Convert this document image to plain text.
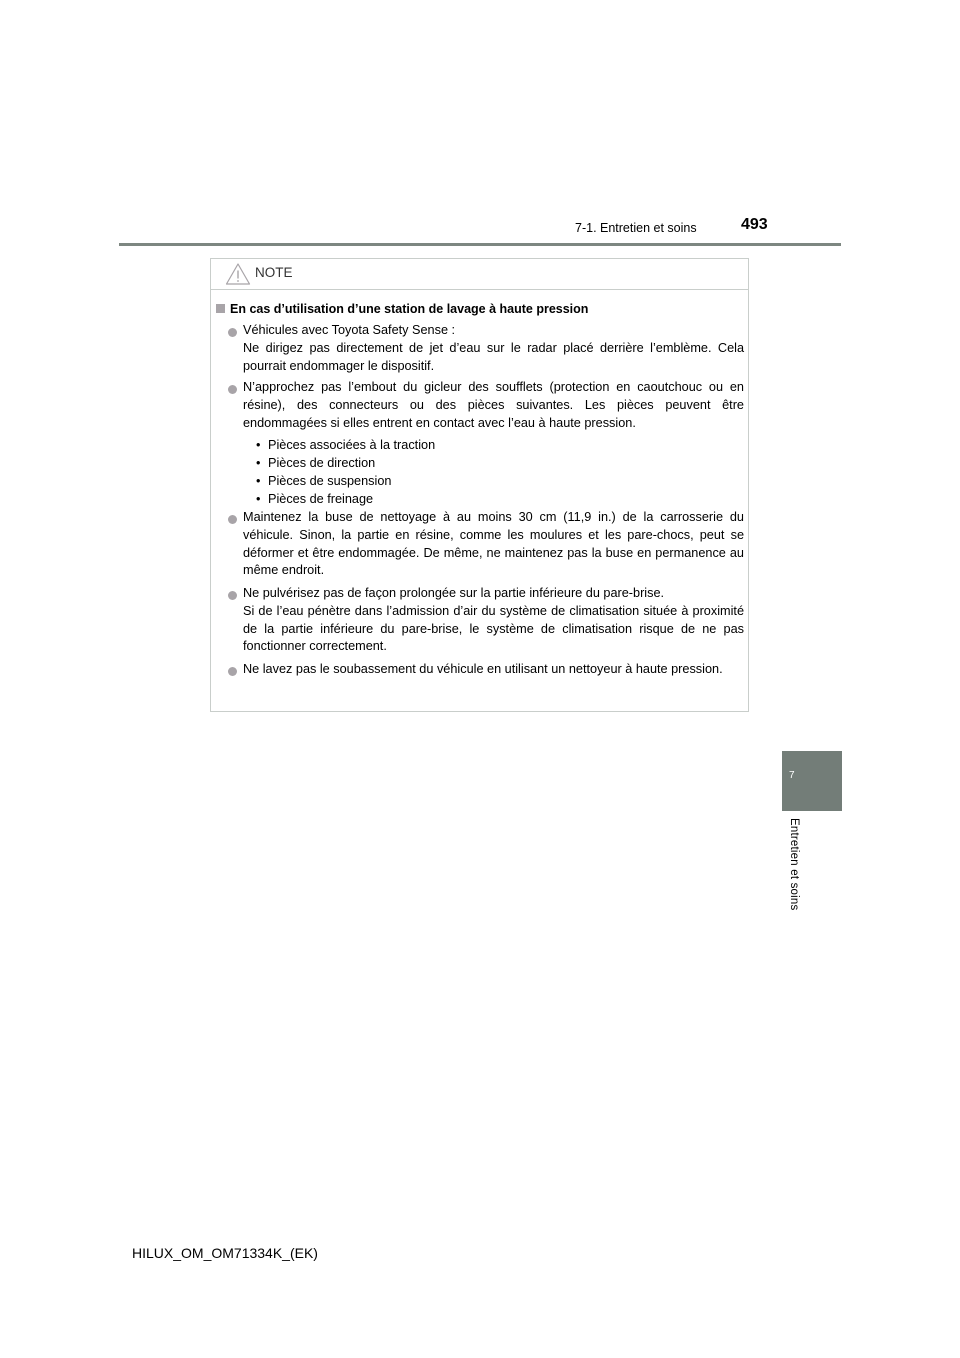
7-1. Entretien et soins	493
7
Entretien et soins
NOTE
En cas d’utilisation d’une station de lavage à haute pression
Véhicules avec Toyota Safety Sense :
Ne dirigez pas directement de jet d’eau sur le radar placé derrière l’emblème. Cela pourrait endommager le dispositif.
N’approchez pas l’embout du gicleur des soufflets (protection en caoutchouc ou en résine), des connecteurs ou des pièces suivantes. Les pièces peuvent être endommagées si elles entrent en contact avec l’eau à haute pression.
• Pièces associées à la traction
• Pièces de direction
• Pièces de suspension
• Pièces de freinage
Maintenez la buse de nettoyage à au moins 30 cm (11,9 in.) de la carrosserie du véhicule. Sinon, la partie en résine, comme les moulures et les pare-chocs, peut se déformer et être endommagée. De même, ne maintenez pas la buse en permanence au même endroit.
Ne pulvérisez pas de façon prolongée sur la partie inférieure du pare-brise.
Si de l’eau pénètre dans l’admission d’air du système de climatisation située à proximité de la partie inférieure du pare-brise, le système de climatisation risque de ne pas fonctionner correctement.
Ne lavez pas le soubassement du véhicule en utilisant un nettoyeur à haute pression.
HILUX_OM_OM71334K_(EK)
